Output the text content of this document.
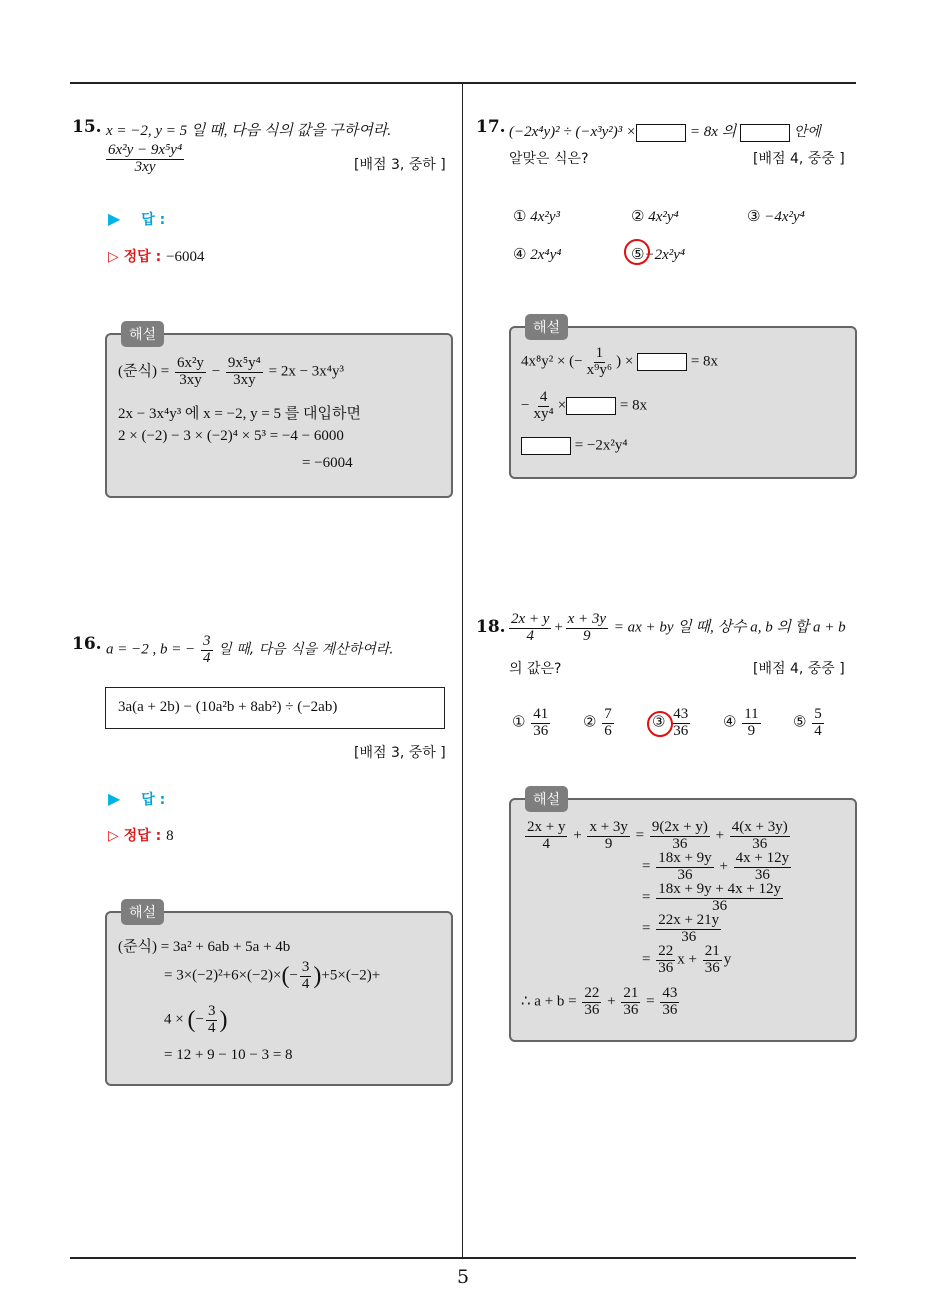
5
15. x = −2, y = 5 일 때, 다음 식의 값을 구하여라.
$\frac{\text{6x²y − 9x⁵y⁴}}{3xy}$	[배점 3, 중하 ]
▶ 답 :
▷ 정답 : −6004
해설
(준식) = $\frac{\text{6x²y}}{3xy} - \frac{\text{9x⁵y⁴}}{3xy} = 2x - 3x^4y^3$
2x − 3x⁴y³ 에 x = −2, y = 5 를 대입하면
2 × (−2) − 3 × (−2)⁴ × 5³ = −4 − 6000
= −6004
16. a = −2 , b = − $\frac{3}{4}$ 일 때, 다음 식을 계산하여라.
3a(a + 2b) − (10a²b + 8ab²) ÷ (−2ab)
[배점 3, 중하 ]
▶ 답 :
▷ 정답 : 8
해설
(준식) = 3a² + 6ab + 5a + 4b
= $3\times(-2)^2+6\times(-2)\times(- \frac{3}{4} )+5\times(-2)+$
4 × (− $\frac{3}{4}$ )
= 12 + 9 − 10 − 3 = 8
17. (−2x⁴y)² ÷ (−x³y²)³ ×	= 8x 의	안에
알맞은 식은?	[배점 4, 중중 ]
① 4x²y³	② 4x²y⁴	③ −4x²y⁴
④ 2x⁴y⁴	⑤−2x²y⁴
해설
4x⁸y² × (− $\frac{1}{\text{x⁹y⁶}}$ ) ×	= 8x
− $\frac{4}{\text{xy⁴}}$ ×	= 8x
= −2x²y⁴
18. $\frac{2x + y}{4} + \frac{x + 3y}{9}$ = ax + by 일 때, 상수 a, b 의 합 a + b
의 값은?	[배점 4, 중중 ]
① $\frac{41}{36}$ ② $\frac{7}{6}$	③ $\frac{43}{36}$ ④ $\frac{11}{9}$ ⑤ $\frac{5}{4}$
해설
$\frac{2x + y}{4} + \frac{x + 3y}{9} = \frac{9(2x + y)}{36} + \frac{4(x + 3y)}{36}$
= $\frac{18x + 9y}{36} + \frac{4x + 12y}{36}$
= $\frac{18x + 9y + 4x + 12y}{36}$
= $\frac{22x + 21y}{36}$
= $\frac{22}{36}$ $x + \frac{21}{36}$ y
∴ $a + b = \frac{22}{36} + \frac{21}{36} = \frac{43}{36}$
